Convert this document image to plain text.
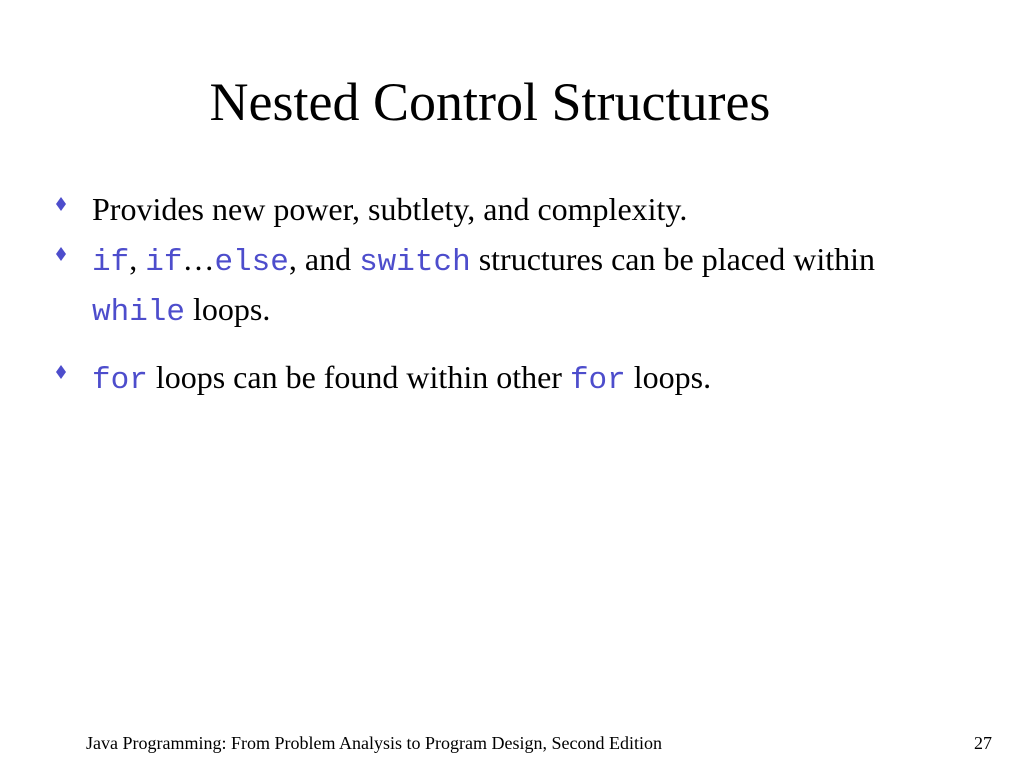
Nested Control Structures
Provides new power, subtlety, and complexity.
if, if…else, and switch structures can be placed within while loops.
for loops can be found within other for loops.
Java Programming: From Problem Analysis to Program Design, Second Edition	27
